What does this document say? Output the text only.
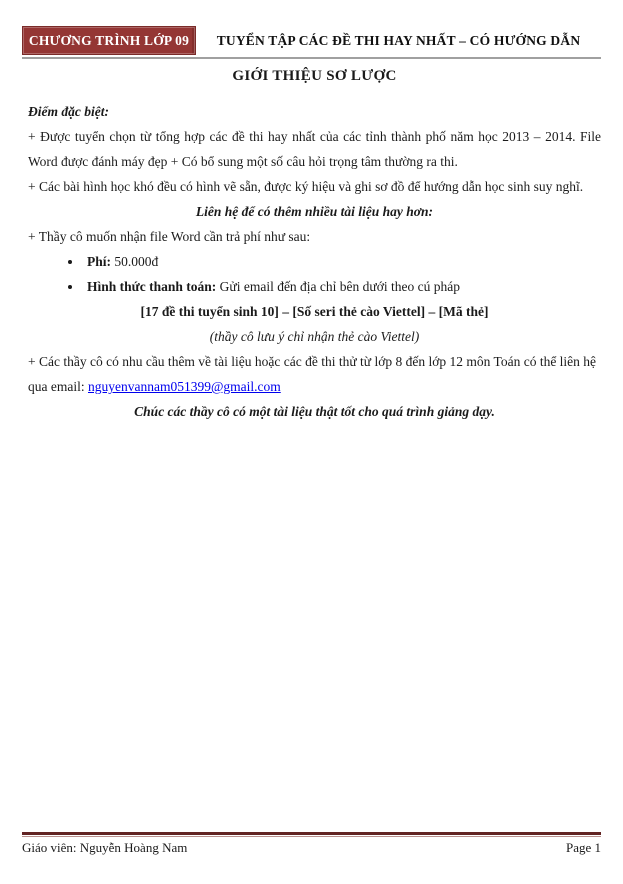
CHƯƠNG TRÌNH LỚP 09	TUYỂN TẬP CÁC ĐỀ THI HAY NHẤT – CÓ HƯỚNG DẪN
GIỚI THIỆU SƠ LƯỢC
Điểm đặc biệt:
+ Được tuyển chọn từ tổng hợp các đề thi hay nhất của các tỉnh thành phố năm học 2013 – 2014. File Word được đánh máy đẹp + Có bổ sung một số câu hỏi trọng tâm thường ra thi.
+ Các bài hình học khó đều có hình vẽ sẵn, được ký hiệu và ghi sơ đồ để hướng dẫn học sinh suy nghĩ.
Liên hệ để có thêm nhiều tài liệu hay hơn:
+ Thầy cô muốn nhận file Word cần trả phí như sau:
• Phí: 50.000đ
• Hình thức thanh toán: Gửi email đến địa chỉ bên dưới theo cú pháp
[17 đề thi tuyển sinh 10] – [Số seri thẻ cào Viettel] – [Mã thẻ]
(thầy cô lưu ý chỉ nhận thẻ cào Viettel)
+ Các thầy cô có nhu cầu thêm về tài liệu hoặc các đề thi thử từ lớp 8 đến lớp 12 môn Toán có thể liên hệ qua email: nguyenvannam051399@gmail.com
Chúc các thầy cô có một tài liệu thật tốt cho quá trình giảng dạy.
Giáo viên: Nguyễn Hoàng Nam	Page 1
